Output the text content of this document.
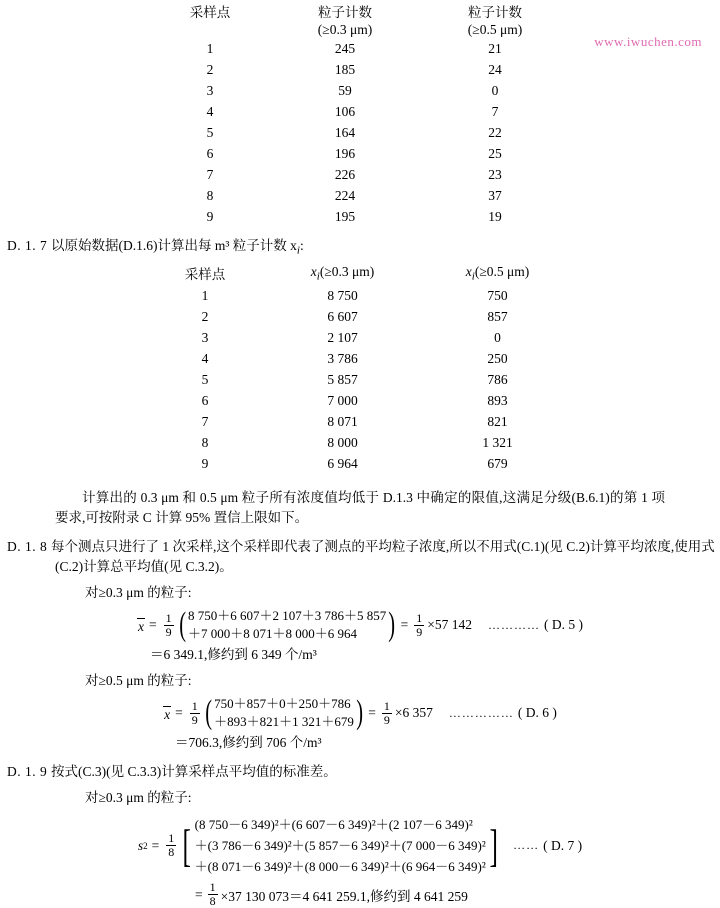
www.iwuchen.com
采样点	粒子计数	粒子计数
	(≥0.3 μm)	(≥0.5 μm)
1	245	21
2	185	24
3	59	0
4	106	7
5	164	22
6	196	25
7	226	23
8	224	37
9	195	19
D. 1. 7 以原始数据(D.1.6)计算出每 m³ 粒子计数 $x_i$:
采样点	$x_i(\ge 0.3$ μm)	$x_i(\ge 0.5$ μm)
1	8 750	750
2	6 607	857
3	2 107	0
4	3 786	250
5	5 857	786
6	7 000	893
7	8 071	821
8	8 000	1 321
9	6 964	679
计算出的 0.3 μm 和 0.5 μm 粒子所有浓度值均低于 D.1.3 中确定的限值,这满足分级(B.6.1)的第 1 项要求,可按附录 C 计算 95% 置信上限如下。
D. 1. 8 每个测点只进行了 1 次采样,这个采样即代表了测点的平均粒子浓度,所以不用式(C.1)(见 C.2)计算平均浓度,使用式(C.2)计算总平均值(见 C.3.2)。
对≥0.3 μm 的粒子:
$x = \frac{1}{9}$ ( 8 750＋6 607＋2 107＋3 786＋5 857
＋7 000＋8 071＋8 000＋6 964 ) = $\frac{1}{9} \times 57$ 142 ………… ( D. 5 )
＝6 349.1,修约到 6 349 个/m³
对≥0.5 μm 的粒子:
$x = \frac{1}{9}$ ( 750＋857＋0＋250＋786
＋893＋821＋1 321＋679 ) = $\frac{1}{9} \times 6$ 357 …………… ( D. 6 )
＝706.3,修约到 706 个/m³
D. 1. 9 按式(C.3)(见 C.3.3)计算采样点平均值的标准差。
对≥0.3 μm 的粒子:
s $2 = \frac{1}{8}$ [ (8 750－6 349)²＋(6 607－6 349)²＋(2 107－6 349)²
＋(3 786－6 349)²＋(5 857－6 349)²＋(7 000－6 349)²
＋(8 071－6 349)²＋(8 000－6 349)²＋(6 964－6 349)² ] …… ( D. 7 )
= $\frac{1}{8} \times 37$ 130 073＝4 641 259.1,修约到 4 641 259
